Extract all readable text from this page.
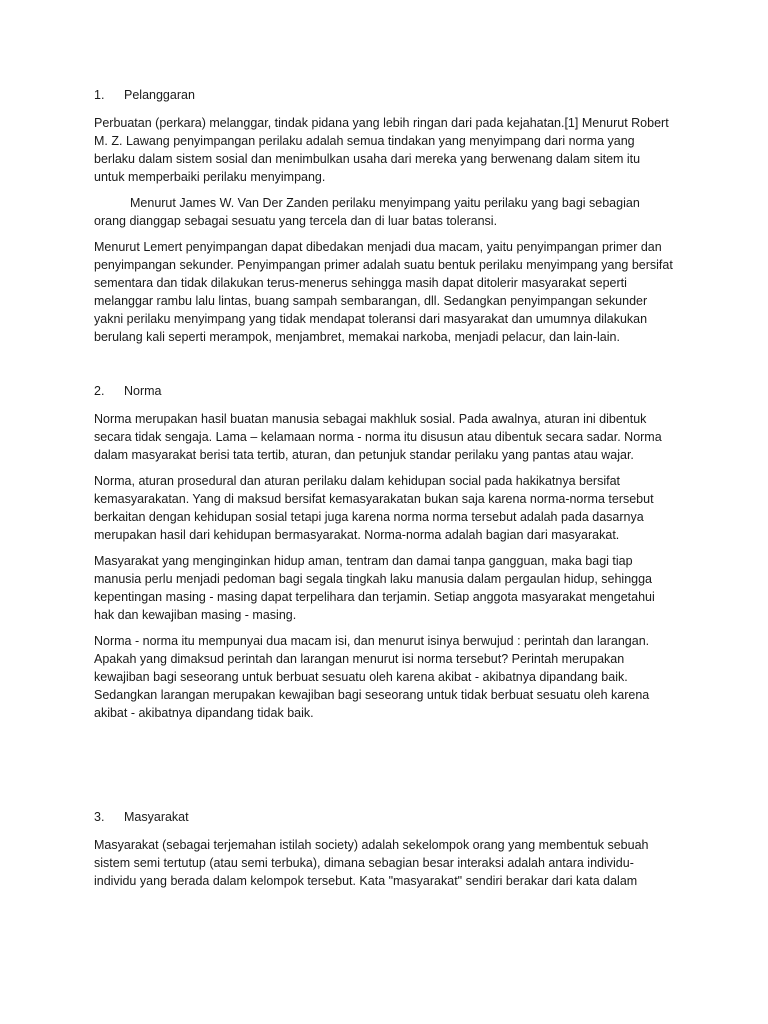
1.	Pelanggaran

Perbuatan (perkara) melanggar, tindak pidana yang lebih ringan dari pada kejahatan.[1] Menurut Robert M. Z. Lawang penyimpangan perilaku adalah semua tindakan yang menyimpang dari norma yang berlaku dalam sistem sosial dan menimbulkan usaha dari mereka yang berwenang dalam sitem itu untuk memperbaiki perilaku menyimpang.

Menurut James W. Van Der Zanden perilaku menyimpang yaitu perilaku yang bagi sebagian orang dianggap sebagai sesuatu yang tercela dan di luar batas toleransi.

Menurut Lemert penyimpangan dapat dibedakan menjadi dua macam, yaitu penyimpangan primer dan penyimpangan sekunder. Penyimpangan primer adalah suatu bentuk perilaku menyimpang yang bersifat sementara dan tidak dilakukan terus-menerus sehingga masih dapat ditolerir masyarakat seperti melanggar rambu lalu lintas, buang sampah sembarangan, dll. Sedangkan penyimpangan sekunder yakni perilaku menyimpang yang tidak mendapat toleransi dari masyarakat dan umumnya dilakukan berulang kali seperti merampok, menjambret, memakai narkoba, menjadi pelacur, dan lain-lain.

2.	Norma

Norma merupakan hasil buatan manusia sebagai makhluk sosial. Pada awalnya, aturan ini dibentuk secara tidak sengaja. Lama – kelamaan norma - norma itu disusun atau dibentuk secara sadar. Norma dalam masyarakat berisi tata tertib, aturan, dan petunjuk standar perilaku yang pantas atau wajar.

Norma, aturan prosedural dan aturan perilaku dalam kehidupan social pada hakikatnya bersifat kemasyarakatan. Yang di maksud bersifat kemasyarakatan bukan saja karena norma-norma tersebut berkaitan dengan kehidupan sosial tetapi juga karena norma norma tersebut adalah pada dasarnya merupakan hasil dari kehidupan bermasyarakat. Norma-norma adalah bagian dari masyarakat.

Masyarakat yang menginginkan hidup aman, tentram dan damai tanpa gangguan, maka bagi tiap manusia perlu menjadi pedoman bagi segala tingkah laku manusia dalam pergaulan hidup, sehingga kepentingan masing - masing dapat terpelihara dan terjamin. Setiap anggota masyarakat mengetahui hak dan kewajiban masing - masing.

Norma - norma itu mempunyai dua macam isi, dan menurut isinya berwujud : perintah dan larangan. Apakah yang dimaksud perintah dan larangan menurut isi norma tersebut? Perintah merupakan kewajiban bagi seseorang untuk berbuat sesuatu oleh karena akibat - akibatnya dipandang baik. Sedangkan larangan merupakan kewajiban bagi seseorang untuk tidak berbuat sesuatu oleh karena akibat - akibatnya dipandang tidak baik.

3.	Masyarakat

Masyarakat (sebagai terjemahan istilah society) adalah sekelompok orang yang membentuk sebuah sistem semi tertutup (atau semi terbuka), dimana sebagian besar interaksi adalah antara individu-individu yang berada dalam kelompok tersebut. Kata "masyarakat" sendiri berakar dari kata dalam
